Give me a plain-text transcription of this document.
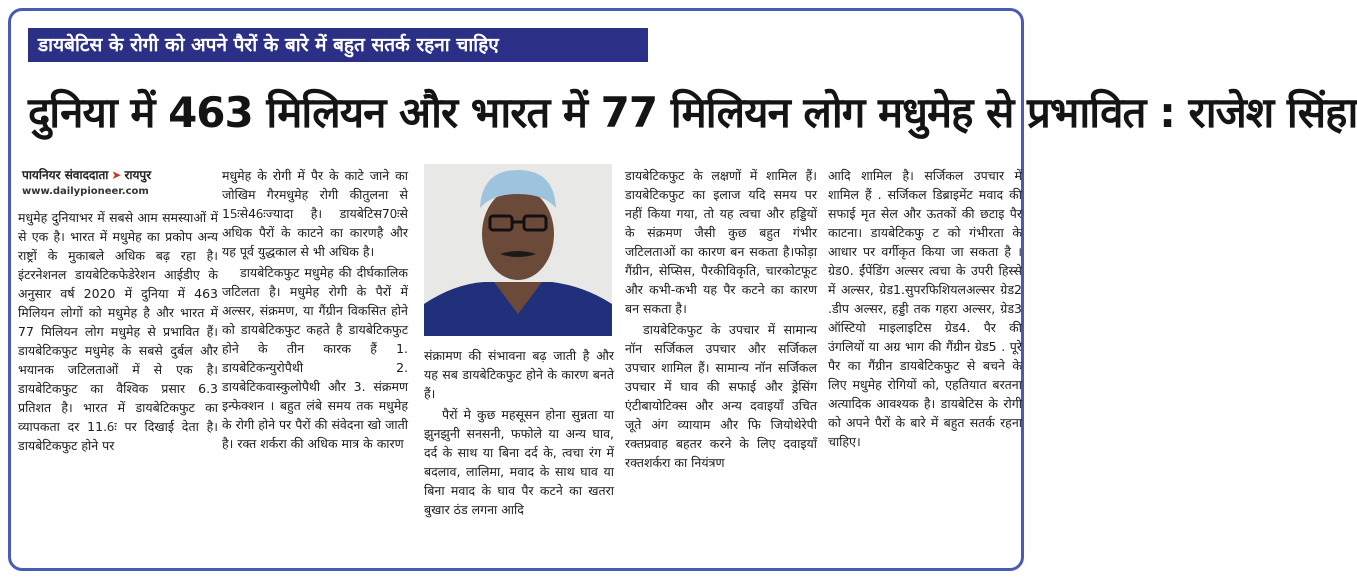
डायबेटिस के रोगी को अपने पैरों के बारे में बहुत सतर्क रहना चाहिए
दुनिया में 463 मिलियन और भारत में 77 मिलियन लोग मधुमेह से प्रभावित : राजेश सिंहा
पायनियर संवाददाता ➤ रायपुर
www.dailypioneer.com

मधुमेह दुनियाभर में सबसे आम समस्याओं में से एक है। भारत में मधुमेह का प्रकोप अन्य राष्ट्रों के मुकाबले अधिक बढ़ रहा है। इंटरनेशनल डायबेटिकफेडेरेशन आईडीए के अनुसार वर्ष 2020 में दुनिया में 463 मिलियन लोगों को मधुमेह है और भारत में 77 मिलियन लोग मधुमेह से प्रभावित हैं। डायबेटिकफुट मधुमेह के सबसे दुर्बल और भयानक जटिलताओं में से एक है। डायबेटिकफुट का वैश्विक प्रसार 6.3 प्रतिशत है। भारत में डायबेटिकफुट का व्यापकता दर 11.6ः पर दिखाई देता है। डायबेटिकफुट होने पर

मधुमेह के रोगी में पैर के काटे जाने का जोखिम गैरमधुमेह रोगी कीतुलना से 15ःसे46ःज्यादा है। डायबेटिस70ःसे अधिक पैरों के काटने का कारणहै और यह पूर्व युद्धकाल से भी अधिक है।

डायबेटिकफुट मधुमेह की दीर्घकालिक जटिलता है। मधुमेह रोगी के पैरों में अल्सर, संक्रमण, या गैंग्रीन विकसित होने को डायबेटिकफुट कहते है डायबेटिकफुट होने के तीन कारक हैं 1. डायबेटिकन्युरोपैथी 2. डायबेटिकवास्कुलोपैथी और 3. संक्रमण इन्फेक्शन । बहुत लंबे समय तक मधुमेह के रोगी होने पर पैरों की संवेदना खो जाती है। रक्त शर्करा की अधिक मात्र के कारण

संक्रामण की संभावना बढ़ जाती है और यह सब डायबेटिकफुट होने के कारण बनते हैं।

पैरों मे कुछ महसूसन होना सुन्नता या झुनझुनी सनसनी, फफोले या अन्य घाव, दर्द के साथ या बिना दर्द के, त्वचा रंग में बदलाव, लालिमा, मवाद के साथ घाव या बिना मवाद के घाव पैर कटने का खतरा बुखार ठंड लगना आदि

डायबेटिकफुट के लक्षणों में शामिल हैं। डायबेटिकफुट का इलाज यदि समय पर नहीं किया गया, तो यह त्वचा और हड्डियों के संक्रमण जैसी कुछ बहुत गंभीर जटिलताओं का कारण बन सकता है।फोड़ा गैंग्रीन, सेप्सिस, पैरकीविकृति, चारकोटफूट और कभी-कभी यह पैर कटने का कारण बन सकता है।

डायबेटिकफुट के उपचार में सामान्य नॉन सर्जिकल उपचार और सर्जिकल उपचार शामिल हैं। सामान्य नॉन सर्जिकल उपचार में घाव की सफाई और ड्रेसिंग एंटीबायोटिक्स और अन्य दवाइयाँ उचित जूते अंग व्यायाम और फि जियोथेरेपी रक्तप्रवाह बहतर करने के लिए दवाइयाँ रक्तशर्करा का नियंत्रण

आदि शामिल है। सर्जिकल उपचार में शामिल हैं . सर्जिकल डिब्राइमेंट मवाद की सफाई मृत सेल और ऊतकों की छटाइ पैर काटना। डायबेटिकफु ट को गंभीरता के आधार पर वर्गीकृत किया जा सकता है । ग्रेड0. ईंपेंडिंग अल्सर त्वचा के उपरी हिस्से में अल्सर, ग्रेड1.सुपरफिशियलअल्सर ग्रेड2 .डीप अल्सर, हड्डी तक गहरा अल्सर, ग्रेड3 ऑस्टियो माइलाइटिस ग्रेड4. पैर की उंगलियों या अग्र भाग की गैंग्रीन ग्रेड5 . पूरे पैर का गैंग्रीन डायबेटिकफुट से बचने के लिए मधुमेह रोगियों को, एहतियात बरतना अत्यादिक आवश्यक है। डायबेटिस के रोगी को अपने पैरों के बारे में बहुत सतर्क रहना चाहिए।
